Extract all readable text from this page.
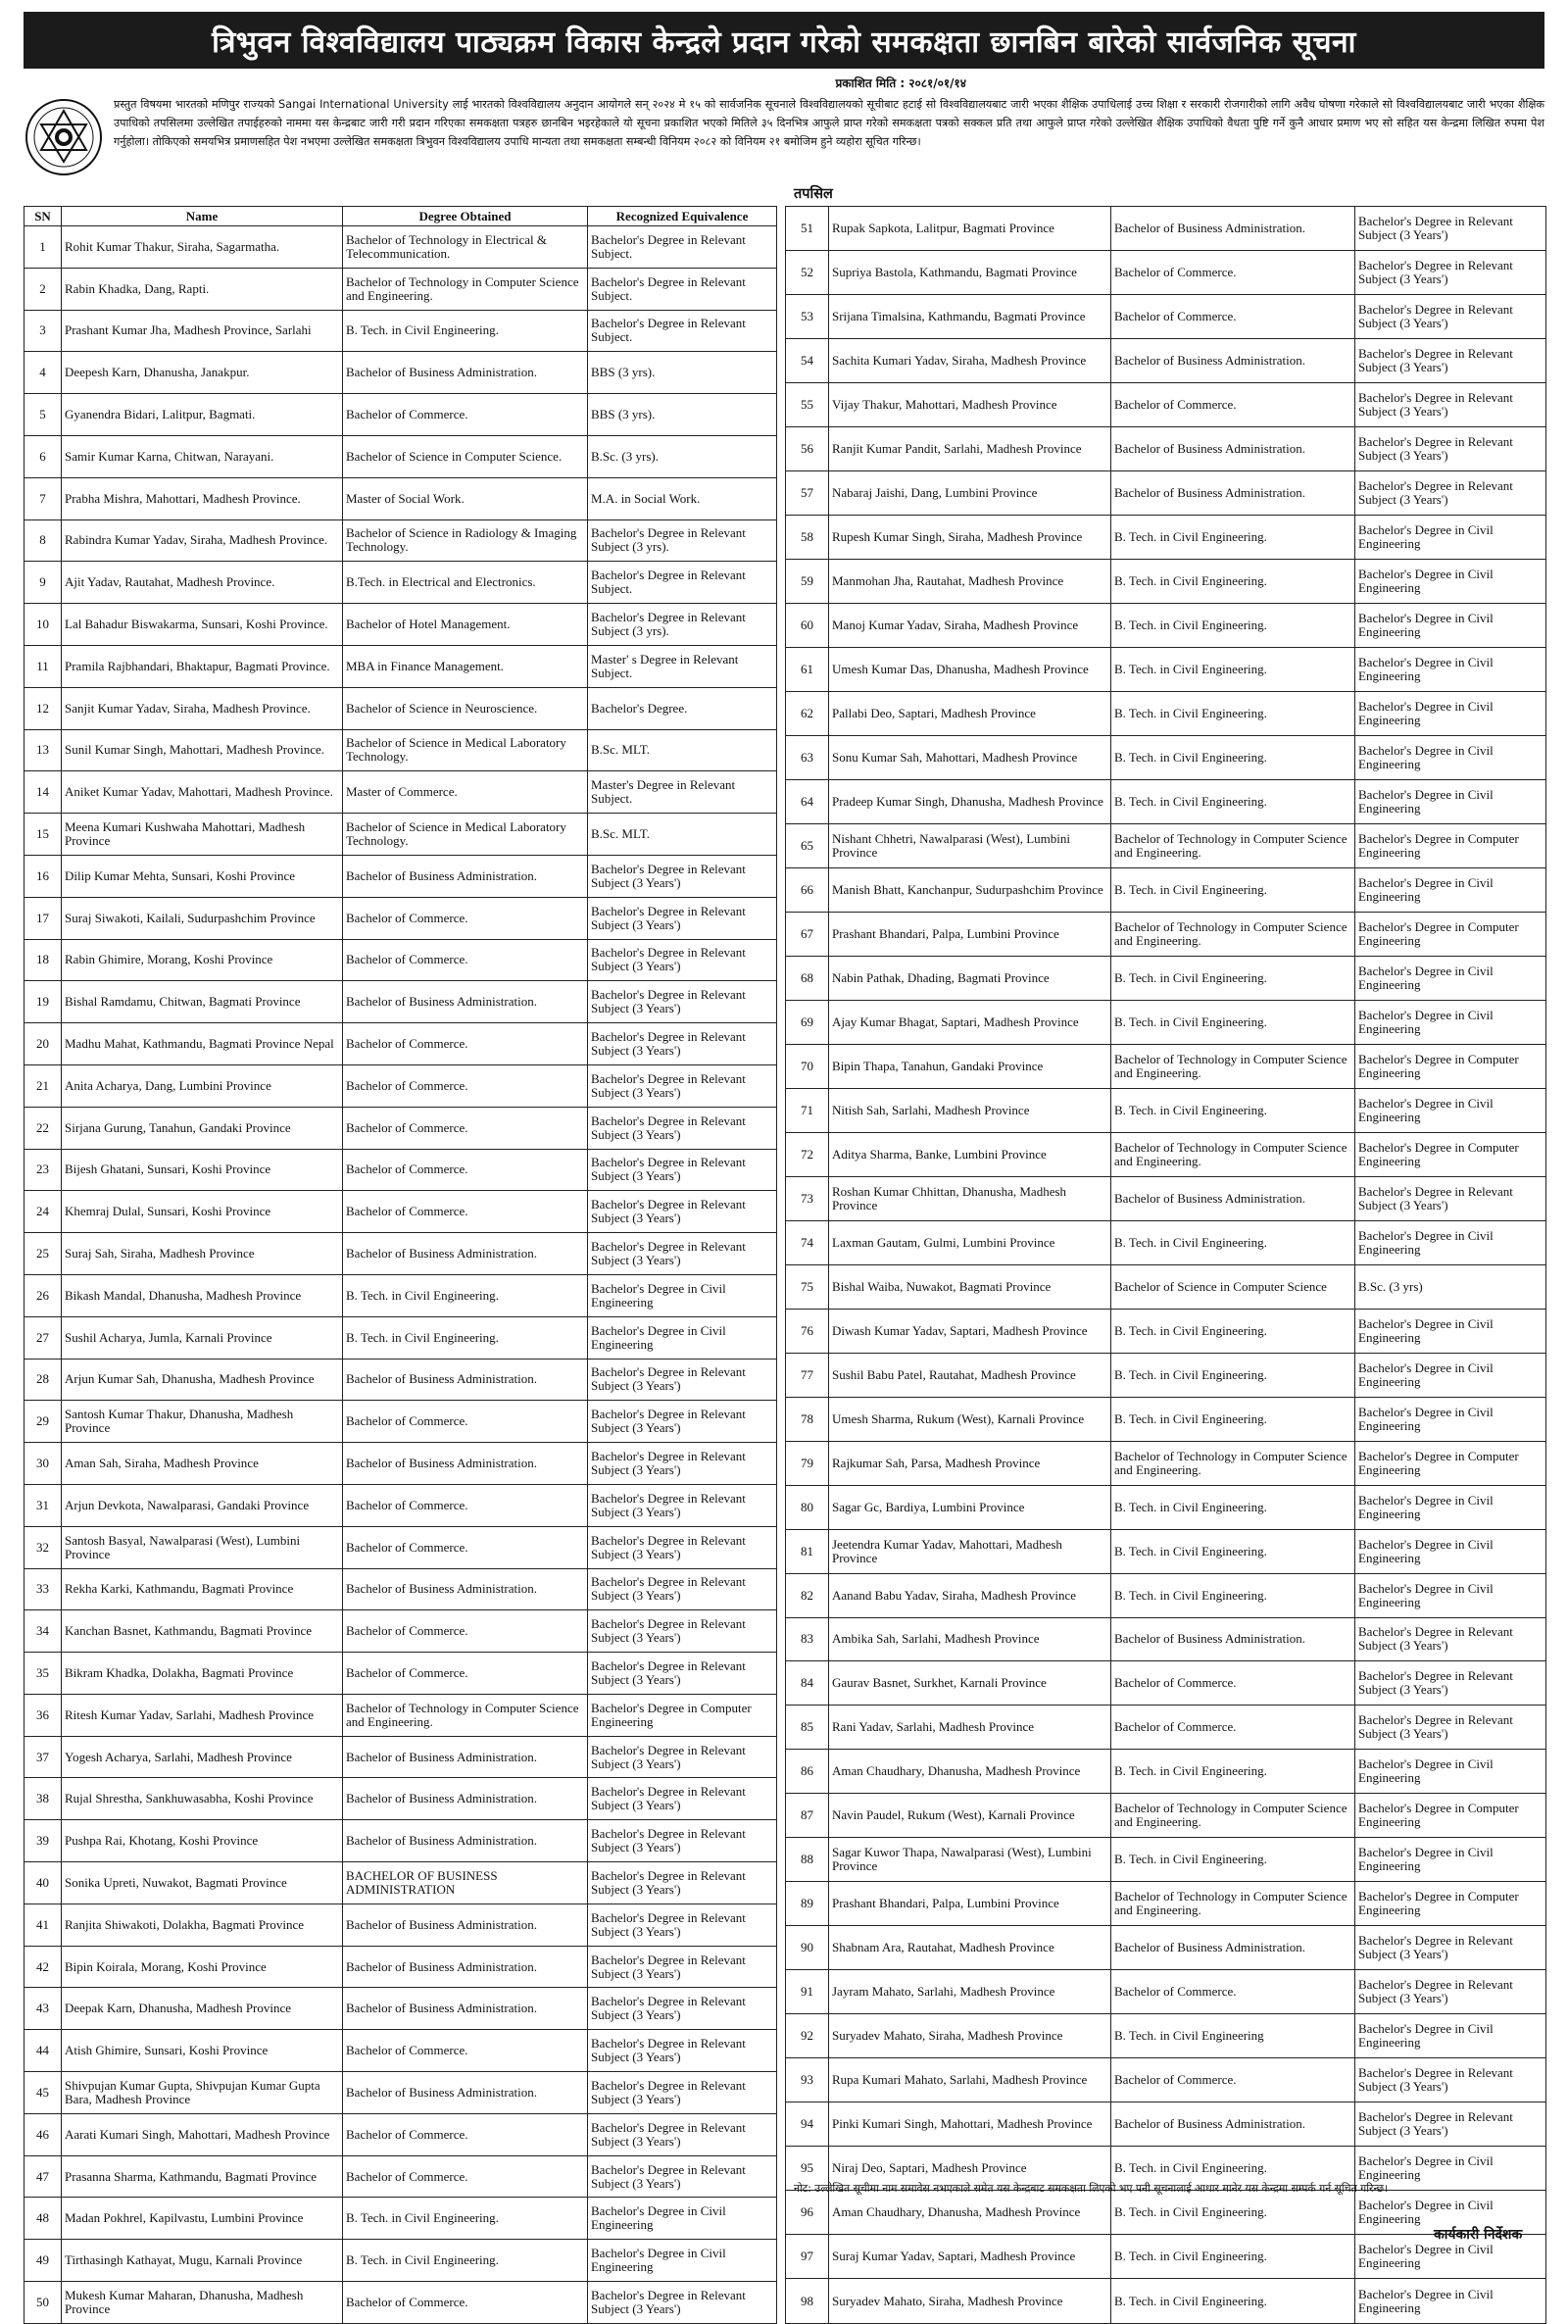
त्रिभुवन विश्वविद्यालय पाठ्यक्रम विकास केन्द्रले प्रदान गरेको समकक्षता छानबिन बारेको सार्वजनिक सूचना
प्रकाशित मिति : २०८१/०१/१४
प्रस्तुत विषयमा भारतको मणिपुर राज्यको Sangai International University लाई भारतको विश्वविद्यालय अनुदान आयोगले सन् २०२४ मे १५ को सार्वजनिक सूचनाले विश्वविद्यालयको सूचीबाट हटाई सो विश्वविद्यालयबाट जारी भएका शैक्षिक उपाधिलाई उच्च शिक्षा र सरकारी रोजगारीको लागि अवैध घोषणा गरेकाले सो विश्वविद्यालयबाट जारी भएका शैक्षिक उपाधिको तपसिलमा उल्लेखित तपाईहरुको नाममा यस केन्द्रबाट जारी गरी प्रदान गरिएका समकक्षता पत्रहरु छानबिन भइरहेकाले यो सूचना प्रकाशित भएको मितिले ३५ दिनभित्र आफुले प्राप्त गरेको समकक्षता पत्रको सक्कल प्रति तथा आफुले प्राप्त गरेको उल्लेखित शैक्षिक उपाधिको वैधता पुष्टि गर्ने कुनै आधार प्रमाण भए सो सहित यस केन्द्रमा लिखित रुपमा पेश गर्नुहोला। तोकिएको समयभित्र प्रमाणसहित पेश नभएमा उल्लेखित समकक्षता त्रिभुवन विश्वविद्यालय उपाधि मान्यता तथा समकक्षता सम्बन्धी विनियम २०८२ को विनियम २१ बमोजिम हुने व्यहोरा सूचित गरिन्छ।
तपसिल
SN	Name	Degree Obtained	Recognized Equivalence
1	Rohit Kumar Thakur, Siraha, Sagarmatha.	Bachelor of Technology in Electrical & Telecommunication.	Bachelor's Degree in Relevant Subject.
2	Rabin Khadka, Dang, Rapti.	Bachelor of Technology in Computer Science and Engineering.	Bachelor's Degree in Relevant Subject.
3	Prashant Kumar Jha, Madhesh Province, Sarlahi	B. Tech. in Civil Engineering.	Bachelor's Degree in Relevant Subject.
4	Deepesh Karn, Dhanusha, Janakpur.	Bachelor of Business Administration.	BBS (3 yrs).
5	Gyanendra Bidari, Lalitpur, Bagmati.	Bachelor of Commerce.	BBS (3 yrs).
6	Samir Kumar Karna, Chitwan, Narayani.	Bachelor of Science in Computer Science.	B.Sc. (3 yrs).
7	Prabha Mishra, Mahottari, Madhesh Province.	Master of Social Work.	M.A. in Social Work.
8	Rabindra Kumar Yadav, Siraha, Madhesh Province.	Bachelor of Science in Radiology & Imaging Technology.	Bachelor's Degree in Relevant Subject (3 yrs).
9	Ajit Yadav, Rautahat, Madhesh Province.	B.Tech. in Electrical and Electronics.	Bachelor's Degree in Relevant Subject.
10	Lal Bahadur Biswakarma, Sunsari, Koshi Province.	Bachelor of Hotel Management.	Bachelor's Degree in Relevant Subject (3 yrs).
11	Pramila Rajbhandari, Bhaktapur, Bagmati Province.	MBA in Finance Management.	Master' s Degree in Relevant Subject.
12	Sanjit Kumar Yadav, Siraha, Madhesh Province.	Bachelor of Science in Neuroscience.	Bachelor's Degree.
13	Sunil Kumar Singh, Mahottari, Madhesh Province.	Bachelor of Science in Medical Laboratory Technology.	B.Sc. MLT.
14	Aniket Kumar Yadav, Mahottari, Madhesh Province.	Master of Commerce.	Master's Degree in Relevant Subject.
15	Meena Kumari Kushwaha Mahottari, Madhesh Province	Bachelor of Science in Medical Laboratory Technology.	B.Sc. MLT.
16	Dilip Kumar Mehta, Sunsari, Koshi Province	Bachelor of Business Administration.	Bachelor's Degree in Relevant Subject (3 Years')
17	Suraj Siwakoti, Kailali, Sudurpashchim Province	Bachelor of Commerce.	Bachelor's Degree in Relevant Subject (3 Years')
18	Rabin Ghimire, Morang, Koshi Province	Bachelor of Commerce.	Bachelor's Degree in Relevant Subject (3 Years')
19	Bishal Ramdamu, Chitwan, Bagmati Province	Bachelor of Business Administration.	Bachelor's Degree in Relevant Subject (3 Years')
20	Madhu Mahat, Kathmandu, Bagmati Province Nepal	Bachelor of Commerce.	Bachelor's Degree in Relevant Subject (3 Years')
21	Anita Acharya, Dang, Lumbini Province	Bachelor of Commerce.	Bachelor's Degree in Relevant Subject (3 Years')
22	Sirjana Gurung, Tanahun, Gandaki Province	Bachelor of Commerce.	Bachelor's Degree in Relevant Subject (3 Years')
23	Bijesh Ghatani, Sunsari, Koshi Province	Bachelor of Commerce.	Bachelor's Degree in Relevant Subject (3 Years')
24	Khemraj Dulal, Sunsari, Koshi Province	Bachelor of Commerce.	Bachelor's Degree in Relevant Subject (3 Years')
25	Suraj Sah, Siraha, Madhesh Province	Bachelor of Business Administration.	Bachelor's Degree in Relevant Subject (3 Years')
26	Bikash Mandal, Dhanusha, Madhesh Province	B. Tech. in Civil Engineering.	Bachelor's Degree in Civil Engineering
27	Sushil Acharya, Jumla, Karnali Province	B. Tech. in Civil Engineering.	Bachelor's Degree in Civil Engineering
28	Arjun Kumar Sah, Dhanusha, Madhesh Province	Bachelor of Business Administration.	Bachelor's Degree in Relevant Subject (3 Years')
29	Santosh Kumar Thakur, Dhanusha, Madhesh Province	Bachelor of Commerce.	Bachelor's Degree in Relevant Subject (3 Years')
30	Aman Sah, Siraha, Madhesh Province	Bachelor of Business Administration.	Bachelor's Degree in Relevant Subject (3 Years')
31	Arjun Devkota, Nawalparasi, Gandaki Province	Bachelor of Commerce.	Bachelor's Degree in Relevant Subject (3 Years')
32	Santosh Basyal, Nawalparasi (West), Lumbini Province	Bachelor of Commerce.	Bachelor's Degree in Relevant Subject (3 Years')
33	Rekha Karki, Kathmandu, Bagmati Province	Bachelor of Business Administration.	Bachelor's Degree in Relevant Subject (3 Years')
34	Kanchan Basnet, Kathmandu, Bagmati Province	Bachelor of Commerce.	Bachelor's Degree in Relevant Subject (3 Years')
35	Bikram Khadka, Dolakha, Bagmati Province	Bachelor of Commerce.	Bachelor's Degree in Relevant Subject (3 Years')
36	Ritesh Kumar Yadav, Sarlahi, Madhesh Province	Bachelor of Technology in Computer Science and Engineering.	Bachelor's Degree in Computer Engineering
37	Yogesh Acharya, Sarlahi, Madhesh Province	Bachelor of Business Administration.	Bachelor's Degree in Relevant Subject (3 Years')
38	Rujal Shrestha, Sankhuwasabha, Koshi Province	Bachelor of Business Administration.	Bachelor's Degree in Relevant Subject (3 Years')
39	Pushpa Rai, Khotang, Koshi Province	Bachelor of Business Administration.	Bachelor's Degree in Relevant Subject (3 Years')
40	Sonika Upreti, Nuwakot, Bagmati Province	BACHELOR OF BUSINESS ADMINISTRATION	Bachelor's Degree in Relevant Subject (3 Years')
41	Ranjita Shiwakoti, Dolakha, Bagmati Province	Bachelor of Business Administration.	Bachelor's Degree in Relevant Subject (3 Years')
42	Bipin Koirala, Morang, Koshi Province	Bachelor of Business Administration.	Bachelor's Degree in Relevant Subject (3 Years')
43	Deepak Karn, Dhanusha, Madhesh Province	Bachelor of Business Administration.	Bachelor's Degree in Relevant Subject (3 Years')
44	Atish Ghimire, Sunsari, Koshi Province	Bachelor of Commerce.	Bachelor's Degree in Relevant Subject (3 Years')
45	Shivpujan Kumar Gupta, Shivpujan Kumar Gupta Bara, Madhesh Province	Bachelor of Business Administration.	Bachelor's Degree in Relevant Subject (3 Years')
46	Aarati Kumari Singh, Mahottari, Madhesh Province	Bachelor of Commerce.	Bachelor's Degree in Relevant Subject (3 Years')
47	Prasanna Sharma, Kathmandu, Bagmati Province	Bachelor of Commerce.	Bachelor's Degree in Relevant Subject (3 Years')
48	Madan Pokhrel, Kapilvastu, Lumbini Province	B. Tech. in Civil Engineering.	Bachelor's Degree in Civil Engineering
49	Tirthasingh Kathayat, Mugu, Karnali Province	B. Tech. in Civil Engineering.	Bachelor's Degree in Civil Engineering
50	Mukesh Kumar Maharan, Dhanusha, Madhesh Province	Bachelor of Commerce.	Bachelor's Degree in Relevant Subject (3 Years')
51	Rupak Sapkota, Lalitpur, Bagmati Province	Bachelor of Business Administration.	Bachelor's Degree in Relevant Subject (3 Years')
52	Supriya Bastola, Kathmandu, Bagmati Province	Bachelor of Commerce.	Bachelor's Degree in Relevant Subject (3 Years')
53	Srijana Timalsina, Kathmandu, Bagmati Province	Bachelor of Commerce.	Bachelor's Degree in Relevant Subject (3 Years')
54	Sachita Kumari Yadav, Siraha, Madhesh Province	Bachelor of Business Administration.	Bachelor's Degree in Relevant Subject (3 Years')
55	Vijay Thakur, Mahottari, Madhesh Province	Bachelor of Commerce.	Bachelor's Degree in Relevant Subject (3 Years')
56	Ranjit Kumar Pandit, Sarlahi, Madhesh Province	Bachelor of Business Administration.	Bachelor's Degree in Relevant Subject (3 Years')
57	Nabaraj Jaishi, Dang, Lumbini Province	Bachelor of Business Administration.	Bachelor's Degree in Relevant Subject (3 Years')
58	Rupesh Kumar Singh, Siraha, Madhesh Province	B. Tech. in Civil Engineering.	Bachelor's Degree in Civil Engineering
59	Manmohan Jha, Rautahat, Madhesh Province	B. Tech. in Civil Engineering.	Bachelor's Degree in Civil Engineering
60	Manoj Kumar Yadav, Siraha, Madhesh Province	B. Tech. in Civil Engineering.	Bachelor's Degree in Civil Engineering
61	Umesh Kumar Das, Dhanusha, Madhesh Province	B. Tech. in Civil Engineering.	Bachelor's Degree in Civil Engineering
62	Pallabi Deo, Saptari, Madhesh Province	B. Tech. in Civil Engineering.	Bachelor's Degree in Civil Engineering
63	Sonu Kumar Sah, Mahottari, Madhesh Province	B. Tech. in Civil Engineering.	Bachelor's Degree in Civil Engineering
64	Pradeep Kumar Singh, Dhanusha, Madhesh Province	B. Tech. in Civil Engineering.	Bachelor's Degree in Civil Engineering
65	Nishant Chhetri, Nawalparasi (West), Lumbini Province	Bachelor of Technology in Computer Science and Engineering.	Bachelor's Degree in Computer Engineering
66	Manish Bhatt, Kanchanpur, Sudurpashchim Province	B. Tech. in Civil Engineering.	Bachelor's Degree in Civil Engineering
67	Prashant Bhandari, Palpa, Lumbini Province	Bachelor of Technology in Computer Science and Engineering.	Bachelor's Degree in Computer Engineering
68	Nabin Pathak, Dhading, Bagmati Province	B. Tech. in Civil Engineering.	Bachelor's Degree in Civil Engineering
69	Ajay Kumar Bhagat, Saptari, Madhesh Province	B. Tech. in Civil Engineering.	Bachelor's Degree in Civil Engineering
70	Bipin Thapa, Tanahun, Gandaki Province	Bachelor of Technology in Computer Science and Engineering.	Bachelor's Degree in Computer Engineering
71	Nitish Sah, Sarlahi, Madhesh Province	B. Tech. in Civil Engineering.	Bachelor's Degree in Civil Engineering
72	Aditya Sharma, Banke, Lumbini Province	Bachelor of Technology in Computer Science and Engineering.	Bachelor's Degree in Computer Engineering
73	Roshan Kumar Chhittan, Dhanusha, Madhesh Province	Bachelor of Business Administration.	Bachelor's Degree in Relevant Subject (3 Years')
74	Laxman Gautam, Gulmi, Lumbini Province	B. Tech. in Civil Engineering.	Bachelor's Degree in Civil Engineering
75	Bishal Waiba, Nuwakot, Bagmati Province	Bachelor of Science in Computer Science	B.Sc. (3 yrs)
76	Diwash Kumar Yadav, Saptari, Madhesh Province	B. Tech. in Civil Engineering.	Bachelor's Degree in Civil Engineering
77	Sushil Babu Patel, Rautahat, Madhesh Province	B. Tech. in Civil Engineering.	Bachelor's Degree in Civil Engineering
78	Umesh Sharma, Rukum (West), Karnali Province	B. Tech. in Civil Engineering.	Bachelor's Degree in Civil Engineering
79	Rajkumar Sah, Parsa, Madhesh Province	Bachelor of Technology in Computer Science and Engineering.	Bachelor's Degree in Computer Engineering
80	Sagar Gc, Bardiya, Lumbini Province	B. Tech. in Civil Engineering.	Bachelor's Degree in Civil Engineering
81	Jeetendra Kumar Yadav, Mahottari, Madhesh Province	B. Tech. in Civil Engineering.	Bachelor's Degree in Civil Engineering
82	Aanand Babu Yadav, Siraha, Madhesh Province	B. Tech. in Civil Engineering.	Bachelor's Degree in Civil Engineering
83	Ambika Sah, Sarlahi, Madhesh Province	Bachelor of Business Administration.	Bachelor's Degree in Relevant Subject (3 Years')
84	Gaurav Basnet, Surkhet, Karnali Province	Bachelor of Commerce.	Bachelor's Degree in Relevant Subject (3 Years')
85	Rani Yadav, Sarlahi, Madhesh Province	Bachelor of Commerce.	Bachelor's Degree in Relevant Subject (3 Years')
86	Aman Chaudhary, Dhanusha, Madhesh Province	B. Tech. in Civil Engineering.	Bachelor's Degree in Civil Engineering
87	Navin Paudel, Rukum (West), Karnali Province	Bachelor of Technology in Computer Science and Engineering.	Bachelor's Degree in Computer Engineering
88	Sagar Kuwor Thapa, Nawalparasi (West), Lumbini Province	B. Tech. in Civil Engineering.	Bachelor's Degree in Civil Engineering
89	Prashant Bhandari, Palpa, Lumbini Province	Bachelor of Technology in Computer Science and Engineering.	Bachelor's Degree in Computer Engineering
90	Shabnam Ara, Rautahat, Madhesh Province	Bachelor of Business Administration.	Bachelor's Degree in Relevant Subject (3 Years')
91	Jayram Mahato, Sarlahi, Madhesh Province	Bachelor of Commerce.	Bachelor's Degree in Relevant Subject (3 Years')
92	Suryadev Mahato, Siraha, Madhesh Province	B. Tech. in Civil Engineering	Bachelor's Degree in Civil Engineering
93	Rupa Kumari Mahato, Sarlahi, Madhesh Province	Bachelor of Commerce.	Bachelor's Degree in Relevant Subject (3 Years')
94	Pinki Kumari Singh, Mahottari, Madhesh Province	Bachelor of Business Administration.	Bachelor's Degree in Relevant Subject (3 Years')
95	Niraj Deo, Saptari, Madhesh Province	B. Tech. in Civil Engineering.	Bachelor's Degree in Civil Engineering
96	Aman Chaudhary, Dhanusha, Madhesh Province	B. Tech. in Civil Engineering.	Bachelor's Degree in Civil Engineering
97	Suraj Kumar Yadav, Saptari, Madhesh Province	B. Tech. in Civil Engineering.	Bachelor's Degree in Civil Engineering
98	Suryadev Mahato, Siraha, Madhesh Province	B. Tech. in Civil Engineering.	Bachelor's Degree in Civil Engineering
नोट: उल्लेखित सूचीमा नाम समावेस नभएकाले समेत यस केन्द्रबाट समकक्षता लिएको भए पनी सूचनालाई आधार मानेर यस केन्द्रमा सम्पर्क गर्न सूचित गरिन्छ।
कार्यकारी निर्देशक
